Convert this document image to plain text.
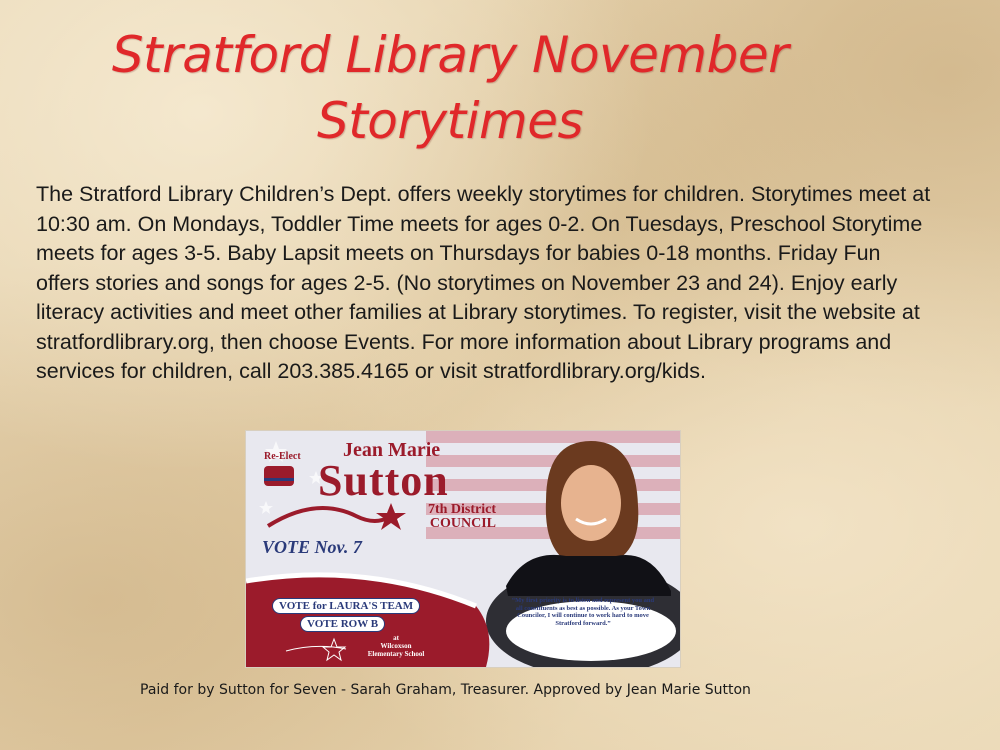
Stratford Library November
Storytimes
The Stratford Library Children’s Dept. offers weekly storytimes for children. Storytimes meet at 10:30 am. On Mondays, Toddler Time meets for ages 0-2. On Tuesdays, Preschool Storytime meets for ages 3-5. Baby Lapsit meets on Thursdays for babies 0-18 months. Friday Fun offers stories and songs for ages 2-5. (No storytimes on November 23 and 24). Enjoy early literacy activities and meet other families at Library storytimes. To register, visit the website at stratfordlibrary.org, then choose Events. For more information about Library programs and services for children, call 203.385.4165 or visit stratfordlibrary.org/kids.
Re-Elect Jean Marie
Sutton
7th District
COUNCIL
VOTE Nov. 7
VOTE for LAURA'S TEAM
VOTE ROW B
at
Wilcoxson Elementary School
“My first priority is to listen and represent you and all constituents as best as possible. As your Town Councilor, I will continue to work hard to move Stratford forward.”
Paid for by Sutton for Seven - Sarah Graham, Treasurer. Approved by Jean Marie Sutton
